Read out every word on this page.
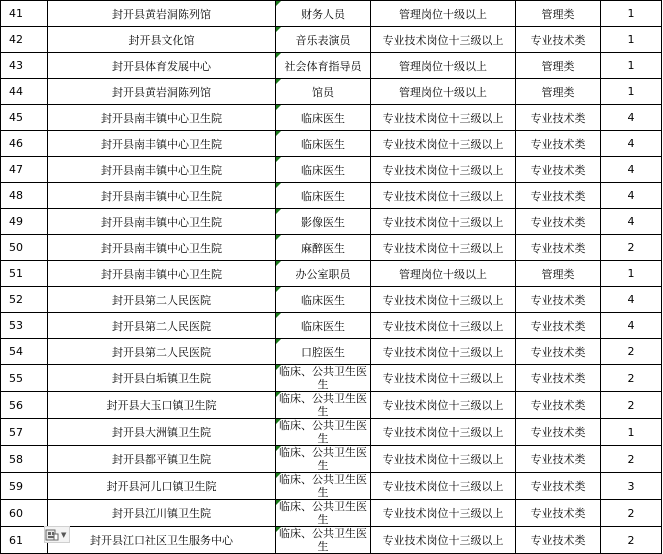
41	封开县黄岩洞陈列馆	财务人员	管理岗位十级以上	管理类	1
42	封开县文化馆	音乐表演员	专业技术岗位十三级以上	专业技术类	1
43	封开县体育发展中心	社会体育指导员	管理岗位十级以上	管理类	1
44	封开县黄岩洞陈列馆	馆员	管理岗位十级以上	管理类	1
45	封开县南丰镇中心卫生院	临床医生	专业技术岗位十三级以上	专业技术类	4
46	封开县南丰镇中心卫生院	临床医生	专业技术岗位十三级以上	专业技术类	4
47	封开县南丰镇中心卫生院	临床医生	专业技术岗位十三级以上	专业技术类	4
48	封开县南丰镇中心卫生院	临床医生	专业技术岗位十三级以上	专业技术类	4
49	封开县南丰镇中心卫生院	影像医生	专业技术岗位十三级以上	专业技术类	4
50	封开县南丰镇中心卫生院	麻醉医生	专业技术岗位十三级以上	专业技术类	2
51	封开县南丰镇中心卫生院	办公室职员	管理岗位十级以上	管理类	1
52	封开县第二人民医院	临床医生	专业技术岗位十三级以上	专业技术类	4
53	封开县第二人民医院	临床医生	专业技术岗位十三级以上	专业技术类	4
54	封开县第二人民医院	口腔医生	专业技术岗位十三级以上	专业技术类	2
55	封开县白垢镇卫生院	临床、公共卫生医生	专业技术岗位十三级以上	专业技术类	2
56	封开县大玉口镇卫生院	临床、公共卫生医生	专业技术岗位十三级以上	专业技术类	2
57	封开县大洲镇卫生院	临床、公共卫生医生	专业技术岗位十三级以上	专业技术类	1
58	封开县都平镇卫生院	临床、公共卫生医生	专业技术岗位十三级以上	专业技术类	2
59	封开县河儿口镇卫生院	临床、公共卫生医生	专业技术岗位十三级以上	专业技术类	3
60	封开县江川镇卫生院	临床、公共卫生医生	专业技术岗位十三级以上	专业技术类	2
61	封开县江口社区卫生服务中心	临床、公共卫生医生	专业技术岗位十三级以上	专业技术类	2
▼
